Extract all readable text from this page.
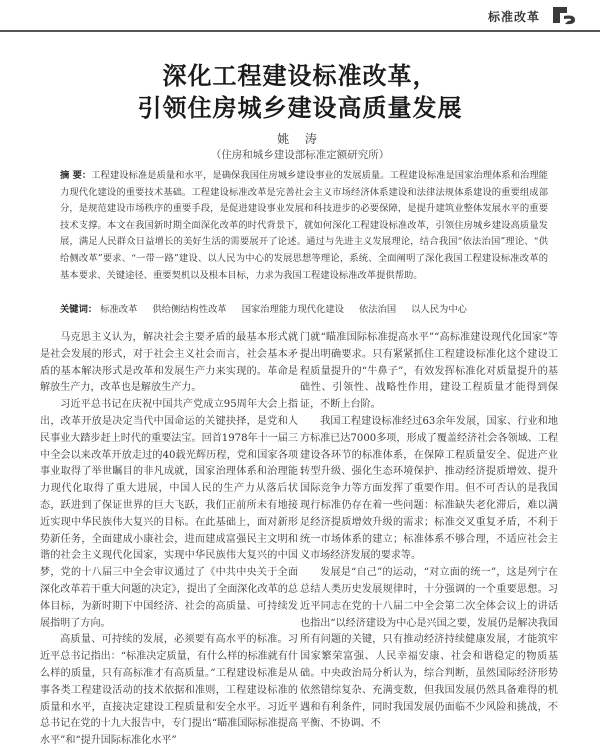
标准改革
深化工程建设标准改革，
引领住房城乡建设高质量发展
姚 涛
（住房和城乡建设部标准定额研究所）
摘 要：工程建设标准是质量和水平，是确保我国住房城乡建设事业的发展质量。工程建设标准是国家治理体系和治理能力现代化建设的重要技术基础。工程建设标准改革是完善社会主义市场经济体系建设和法律法规体系建设的重要组成部分，是规范建设市场秩序的重要手段，是促进建设事业发展和科技进步的必要保障，是提升建筑业整体发展水平的重要技术支撑。本文在我国新时期全面深化改革的时代背景下，就如何深化工程建设标准改革，引领住房城乡建设高质量发展，满足人民群众日益增长的美好生活的需要展开了论述。通过与先进主义发展理论，结合我国“依法治国”理论、“供给侧改革”要求、“一带一路”建设、以人民为中心的发展思想等理论，系统、全面阐明了深化我国工程建设标准改革的基本要求、关键途径、重要契机以及根本目标，力求为我国工程建设标准改革提供帮助。
关键词： 标准改革 供给侧结构性改革 国家治理能力现代化建设 依法治国 以人民为中心

马克思主义认为，解决社会主要矛盾的最基本形式就是社会发展的形式，对于社会主义社会而言，社会基本矛盾的基本解决形式是改革和发展生产力来实现的。革命是解放生产力，改革也是解放生产力。

习近平总书记在庆祝中国共产党成立95周年大会上指出，改革开放是决定当代中国命运的关键抉择，是党和人民事业大踏步赶上时代的重要法宝。回首1978年十一届三中全会以来改革开放走过的40载光辉历程，党和国家各项事业取得了举世瞩目的非凡成就，国家治理体系和治理能力现代化取得了重大进展，中国人民的生产力从落后状态，跃进到了保证世界的巨大飞跃，我们正前所未有地接近实现中华民族伟大复兴的目标。在此基础上，面对新形势新任务，全面建成小康社会，进而建成富强民主文明和谐的社会主义现代化国家，实现中华民族伟大复兴的中国梦，党的十八届三中全会审议通过了《中共中央关于全面深化改革若干重大问题的决定》，提出了全面深化改革的总体目标，为新时期下中国经济、社会的高质量、可持续发展指明了方向。

高质量、可持续的发展，必须要有高水平的标准。习近平总书记指出：“标准决定质量，有什么样的标准就有什么样的质量，只有高标准才有高质量。”工程建设标准是从事各类工程建设活动的技术依据和准则，工程建设标准的质量和水平，直接决定建设工程质量和安全水平。习近平总书记在党的十九大报告中，专门提出“瞄准国际标准提高水平”和“提升国际标准化水平”

门就“瞄准国际标准提高水平”“高标准建设现代化国家”等提出明确要求。只有紧紧抓住工程建设标准化这个建设工程质量提升的“牛鼻子”，有效发挥标准化对质量提升的基础性、引领性、战略性作用，建设工程质量才能得到保证，不断上台阶。

我国工程建设标准经过63余年发展，国家、行业和地方标准已达7000多项，形成了覆盖经济社会各领域、工程建设各环节的标准体系，在保障工程质量安全、促进产业转型升级、强化生态环境保护、推动经济提质增效、提升国际竞争力等方面发挥了重要作用。但不可否认的是我国现行标准仍存在着一些问题：标准缺失老化滞后，难以满足经济提质增效升级的需求；标准交叉重复矛盾，不利于统一市场体系的建立；标准体系不够合理，不适应社会主义市场经济发展的要求等。

发展是“自己”的运动，“对立面的统一”，这是列宁在总结人类历史发展规律时，十分强调的一个重要思想。习近平同志在党的十八届二中全会第二次全体会议上的讲话也指出“以经济建设为中心是兴国之要，发展仍是解决我国所有问题的关键，只有推动经济持续健康发展，才能筑牢国家繁荣富强、人民幸福安康、社会和谐稳定的物质基础。中央政治局分析认为，综合判断，虽然国际经济形势依然错综复杂、充满变数，但我国发展仍然具备难得的机遇和有利条件，同时我国发展仍面临不少风险和挑战，不平衡、不协调、不
